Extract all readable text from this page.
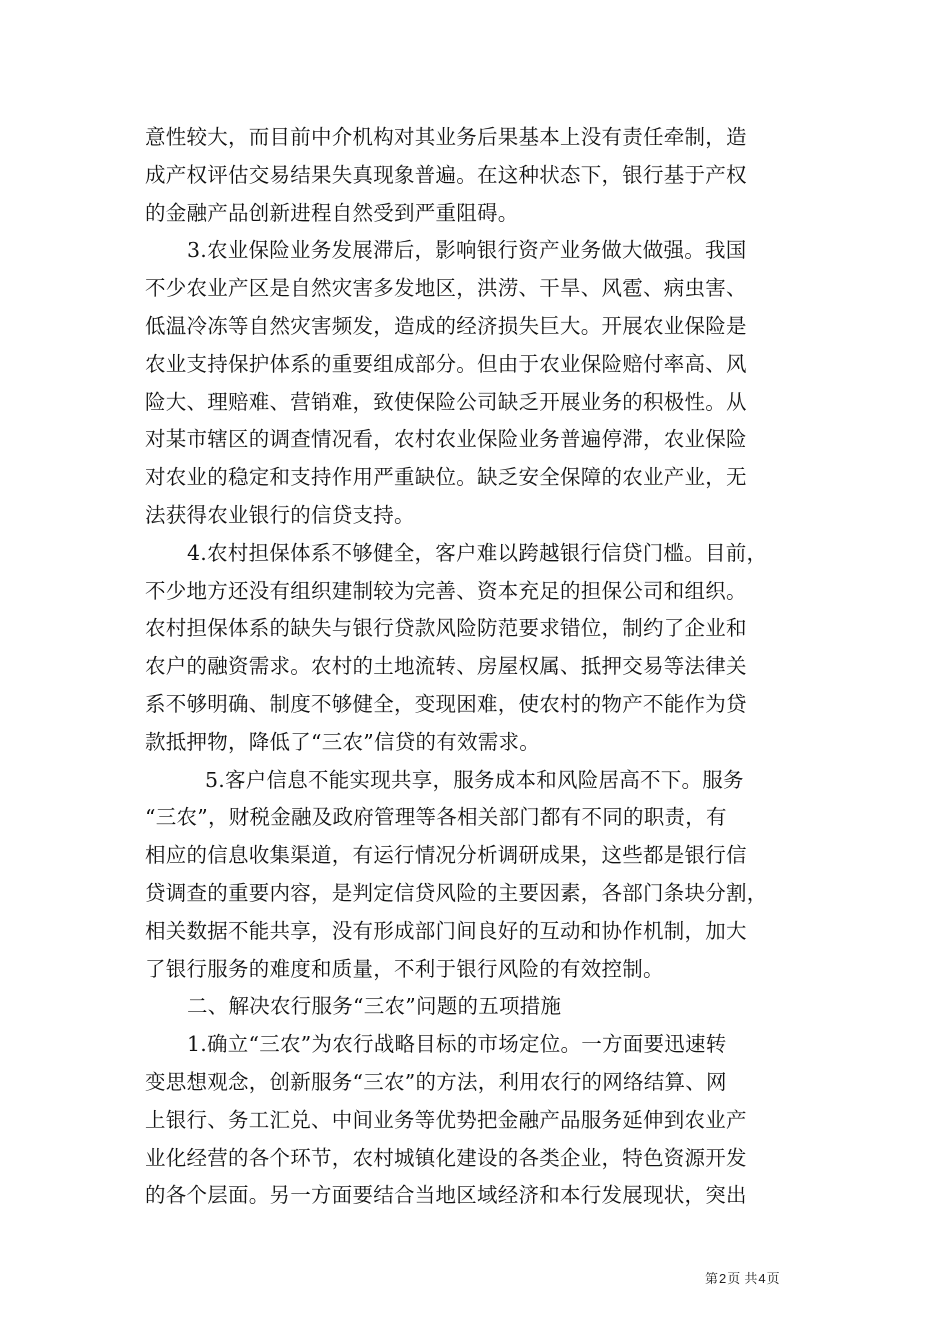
意性较大，而目前中介机构对其业务后果基本上没有责任牵制，造
成产权评估交易结果失真现象普遍。在这种状态下，银行基于产权
的金融产品创新进程自然受到严重阻碍。
3.农业保险业务发展滞后，影响银行资产业务做大做强。我国
不少农业产区是自然灾害多发地区，洪涝、干旱、风雹、病虫害、
低温冷冻等自然灾害频发，造成的经济损失巨大。开展农业保险是
农业支持保护体系的重要组成部分。但由于农业保险赔付率高、风
险大、理赔难、营销难，致使保险公司缺乏开展业务的积极性。从
对某市辖区的调查情况看，农村农业保险业务普遍停滞，农业保险
对农业的稳定和支持作用严重缺位。缺乏安全保障的农业产业，无
法获得农业银行的信贷支持。
4.农村担保体系不够健全，客户难以跨越银行信贷门槛。目前，
不少地方还没有组织建制较为完善、资本充足的担保公司和组织。
农村担保体系的缺失与银行贷款风险防范要求错位，制约了企业和
农户的融资需求。农村的土地流转、房屋权属、抵押交易等法律关
系不够明确、制度不够健全，变现困难，使农村的物产不能作为贷
款抵押物，降低了“三农”信贷的有效需求。
5.客户信息不能实现共享，服务成本和风险居高不下。服务
“三农”，财税金融及政府管理等各相关部门都有不同的职责，有
相应的信息收集渠道，有运行情况分析调研成果，这些都是银行信
贷调查的重要内容，是判定信贷风险的主要因素，各部门条块分割，
相关数据不能共享，没有形成部门间良好的互动和协作机制，加大
了银行服务的难度和质量，不利于银行风险的有效控制。
二、解决农行服务“三农”问题的五项措施
1.确立“三农”为农行战略目标的市场定位。一方面要迅速转
变思想观念，创新服务“三农”的方法，利用农行的网络结算、网
上银行、务工汇兑、中间业务等优势把金融产品服务延伸到农业产
业化经营的各个环节，农村城镇化建设的各类企业，特色资源开发
的各个层面。另一方面要结合当地区域经济和本行发展现状，突出
第2页 共4页
